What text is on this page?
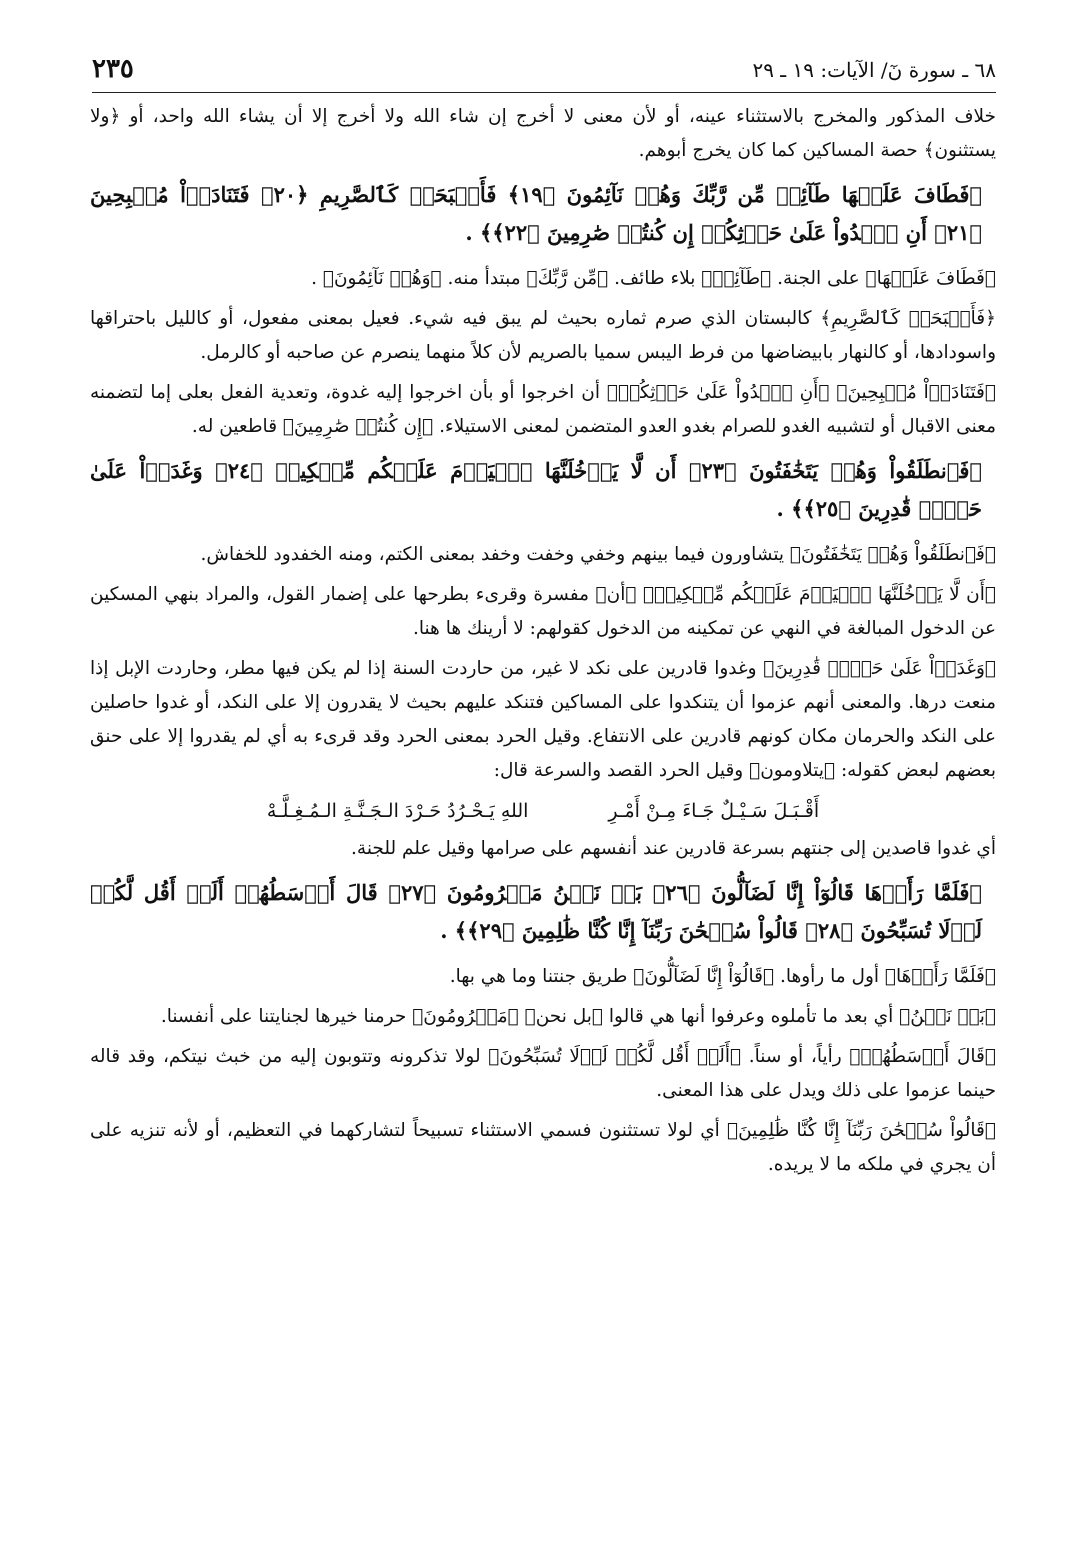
٦٨ ـ سورة نٓ/ الآيات: ١٩ ـ ٢٩
٢٣٥

خلاف المذكور والمخرج بالاستثناء عينه، أو لأن معنى لا أخرج إن شاء الله ولا أخرج إلا أن يشاء الله واحد، أو ﴿ولا يستثنون﴾ حصة المساكين كما كان يخرج أبوهم.

﴿فَطَافَ عَلَيۡهَا طَآئِفٞ مِّن رَّبِّكَ وَهُمۡ نَآئِمُونَ ﴿١٩﴾ فَأَصۡبَحَتۡ كَٱلصَّرِيمِ ﴿٢٠﴾ فَتَنَادَوۡاْ مُصۡبِحِينَ ﴿٢١﴾ أَنِ ٱغۡدُواْ عَلَىٰ حَرۡثِكُمۡ إِن كُنتُمۡ صَٰرِمِينَ ﴿٢٢﴾﴾ .

﴿فَطَافَ عَلَيۡهَا﴾ على الجنة. ﴿طَآئِفٞ﴾ بلاء طائف. ﴿مِّن رَّبِّكَ﴾ مبتدأ منه. ﴿وَهُمۡ نَآئِمُونَ﴾ .

﴿فَأَصۡبَحَتۡ كَٱلصَّرِيمِ﴾ كالبستان الذي صرم ثماره بحيث لم يبق فيه شيء. فعيل بمعنى مفعول، أو كالليل باحتراقها واسودادها، أو كالنهار بابيضاضها من فرط اليبس سميا بالصريم لأن كلاً منهما ينصرم عن صاحبه أو كالرمل.

﴿فَتَنَادَوۡاْ مُصۡبِحِينَ﴾ ﴿أَنِ ٱغۡدُواْ عَلَىٰ حَرۡثِكُمۡ﴾ أن اخرجوا أو بأن اخرجوا إليه غدوة، وتعدية الفعل بعلى إما لتضمنه معنى الاقبال أو لتشبيه الغدو للصرام بغدو العدو المتضمن لمعنى الاستيلاء. ﴿إِن كُنتُمۡ صَٰرِمِينَ﴾ قاطعين له.

﴿فَٱنطَلَقُواْ وَهُمۡ يَتَخَٰفَتُونَ ﴿٢٣﴾ أَن لَّا يَدۡخُلَنَّهَا ٱلۡيَوۡمَ عَلَيۡكُم مِّسۡكِينٞ ﴿٢٤﴾ وَغَدَوۡاْ عَلَىٰ حَرۡدٖ قَٰدِرِينَ ﴿٢٥﴾﴾ .

﴿فَٱنطَلَقُواْ وَهُمۡ يَتَخَٰفَتُونَ﴾ يتشاورون فيما بينهم وخفي وخفت وخفد بمعنى الكتم، ومنه الخفدود للخفاش.

﴿أَن لَّا يَدۡخُلَنَّهَا ٱلۡيَوۡمَ عَلَيۡكُم مِّسۡكِينٞ﴾ ﴿أن﴾ مفسرة وقرىء بطرحها على إضمار القول، والمراد بنهي المسكين عن الدخول المبالغة في النهي عن تمكينه من الدخول كقولهم: لا أرينك ها هنا.

﴿وَغَدَوۡاْ عَلَىٰ حَرۡدٖ قَٰدِرِينَ﴾ وغدوا قادرين على نكد لا غير، من حاردت السنة إذا لم يكن فيها مطر، وحاردت الإبل إذا منعت درها. والمعنى أنهم عزموا أن يتنكدوا على المساكين فتنكد عليهم بحيث لا يقدرون إلا على النكد، أو غدوا حاصلين على النكد والحرمان مكان كونهم قادرين على الانتفاع. وقيل الحرد بمعنى الحرد وقد قرىء به أي لم يقدروا إلا على حنق بعضهم لبعض كقوله: ﴿يتلاومون﴾ وقيل الحرد القصد والسرعة قال:

أَقْـبَـلَ سَـيْـلٌ جَـاءَ مِـنْ أَمْـرِ
اللهِ يَـحْـرُدُ حَـرْدَ الـجَـنَّـةِ الـمُـغِـلَّـهْ

أي غدوا قاصدين إلى جنتهم بسرعة قادرين عند أنفسهم على صرامها وقيل علم للجنة.

﴿فَلَمَّا رَأَوۡهَا قَالُوٓاْ إِنَّا لَضَآلُّونَ ﴿٢٦﴾ بَلۡ نَحۡنُ مَحۡرُومُونَ ﴿٢٧﴾ قَالَ أَوۡسَطُهُمۡ أَلَمۡ أَقُل لَّكُمۡ لَوۡلَا تُسَبِّحُونَ ﴿٢٨﴾ قَالُواْ سُبۡحَٰنَ رَبِّنَآ إِنَّا كُنَّا ظَٰلِمِينَ ﴿٢٩﴾﴾ .

﴿فَلَمَّا رَأَوۡهَا﴾ أول ما رأوها. ﴿قَالُوٓاْ إِنَّا لَضَآلُّونَ﴾ طريق جنتنا وما هي بها.

﴿بَلۡ نَحۡنُ﴾ أي بعد ما تأملوه وعرفوا أنها هي قالوا ﴿بل نحن﴾ ﴿مَحۡرُومُونَ﴾ حرمنا خيرها لجنايتنا على أنفسنا.

﴿قَالَ أَوۡسَطُهُمۡ﴾ رأياً، أو سناً. ﴿أَلَمۡ أَقُل لَّكُمۡ لَوۡلَا تُسَبِّحُونَ﴾ لولا تذكرونه وتتوبون إليه من خبث نيتكم، وقد قاله حينما عزموا على ذلك ويدل على هذا المعنى.

﴿قَالُواْ سُبۡحَٰنَ رَبِّنَآ إِنَّا كُنَّا ظَٰلِمِينَ﴾ أي لولا تستثنون فسمي الاستثناء تسبيحاً لتشاركهما في التعظيم، أو لأنه تنزيه على أن يجري في ملكه ما لا يريده.
